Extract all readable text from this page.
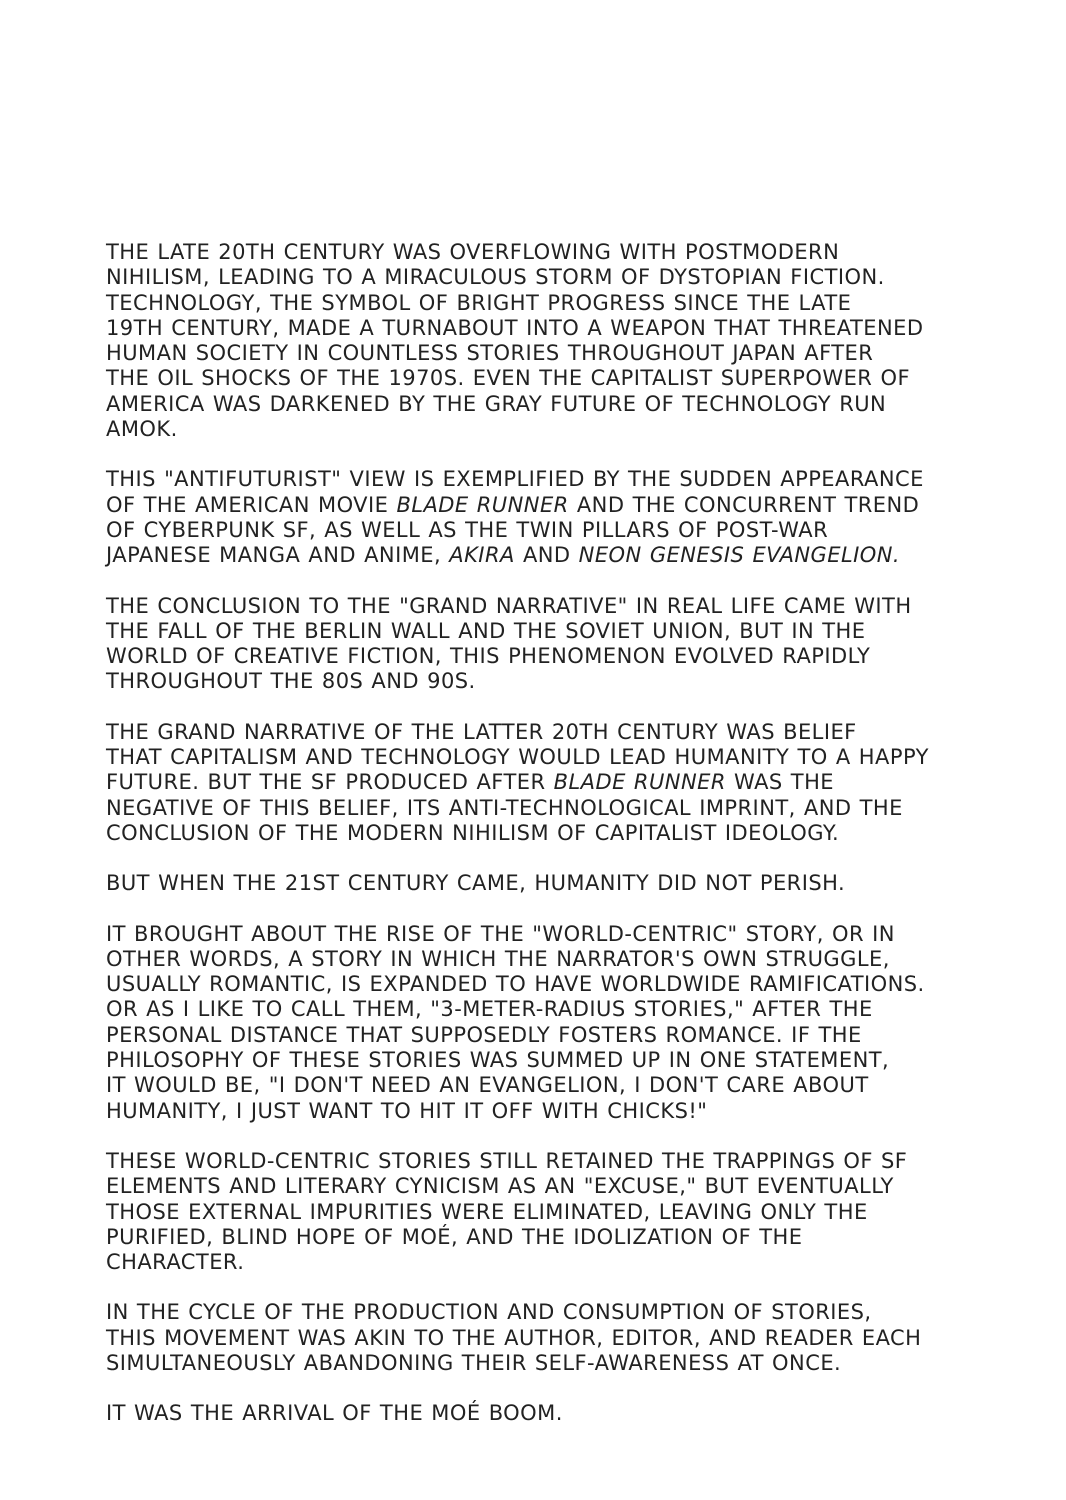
THE LATE 20TH CENTURY WAS OVERFLOWING WITH POSTMODERN
NIHILISM, LEADING TO A MIRACULOUS STORM OF DYSTOPIAN FICTION.
TECHNOLOGY, THE SYMBOL OF BRIGHT PROGRESS SINCE THE LATE
19TH CENTURY, MADE A TURNABOUT INTO A WEAPON THAT THREATENED
HUMAN SOCIETY IN COUNTLESS STORIES THROUGHOUT JAPAN AFTER
THE OIL SHOCKS OF THE 1970S. EVEN THE CAPITALIST SUPERPOWER OF
AMERICA WAS DARKENED BY THE GRAY FUTURE OF TECHNOLOGY RUN
AMOK.

THIS "ANTIFUTURIST" VIEW IS EXEMPLIFIED BY THE SUDDEN APPEARANCE
OF THE AMERICAN MOVIE BLADE RUNNER AND THE CONCURRENT TREND
OF CYBERPUNK SF, AS WELL AS THE TWIN PILLARS OF POST-WAR
JAPANESE MANGA AND ANIME, AKIRA AND NEON GENESIS EVANGELION.

THE CONCLUSION TO THE "GRAND NARRATIVE" IN REAL LIFE CAME WITH
THE FALL OF THE BERLIN WALL AND THE SOVIET UNION, BUT IN THE
WORLD OF CREATIVE FICTION, THIS PHENOMENON EVOLVED RAPIDLY
THROUGHOUT THE 80S AND 90S.

THE GRAND NARRATIVE OF THE LATTER 20TH CENTURY WAS BELIEF
THAT CAPITALISM AND TECHNOLOGY WOULD LEAD HUMANITY TO A HAPPY
FUTURE. BUT THE SF PRODUCED AFTER BLADE RUNNER WAS THE
NEGATIVE OF THIS BELIEF, ITS ANTI-TECHNOLOGICAL IMPRINT, AND THE
CONCLUSION OF THE MODERN NIHILISM OF CAPITALIST IDEOLOGY.

BUT WHEN THE 21ST CENTURY CAME, HUMANITY DID NOT PERISH.

IT BROUGHT ABOUT THE RISE OF THE "WORLD-CENTRIC" STORY, OR IN
OTHER WORDS, A STORY IN WHICH THE NARRATOR'S OWN STRUGGLE,
USUALLY ROMANTIC, IS EXPANDED TO HAVE WORLDWIDE RAMIFICATIONS.
OR AS I LIKE TO CALL THEM, "3-METER-RADIUS STORIES," AFTER THE
PERSONAL DISTANCE THAT SUPPOSEDLY FOSTERS ROMANCE. IF THE
PHILOSOPHY OF THESE STORIES WAS SUMMED UP IN ONE STATEMENT,
IT WOULD BE, "I DON'T NEED AN EVANGELION, I DON'T CARE ABOUT
HUMANITY, I JUST WANT TO HIT IT OFF WITH CHICKS!"

THESE WORLD-CENTRIC STORIES STILL RETAINED THE TRAPPINGS OF SF
ELEMENTS AND LITERARY CYNICISM AS AN "EXCUSE," BUT EVENTUALLY
THOSE EXTERNAL IMPURITIES WERE ELIMINATED, LEAVING ONLY THE
PURIFIED, BLIND HOPE OF MOÉ, AND THE IDOLIZATION OF THE
CHARACTER.

IN THE CYCLE OF THE PRODUCTION AND CONSUMPTION OF STORIES,
THIS MOVEMENT WAS AKIN TO THE AUTHOR, EDITOR, AND READER EACH
SIMULTANEOUSLY ABANDONING THEIR SELF-AWARENESS AT ONCE.

IT WAS THE ARRIVAL OF THE MOÉ BOOM.
